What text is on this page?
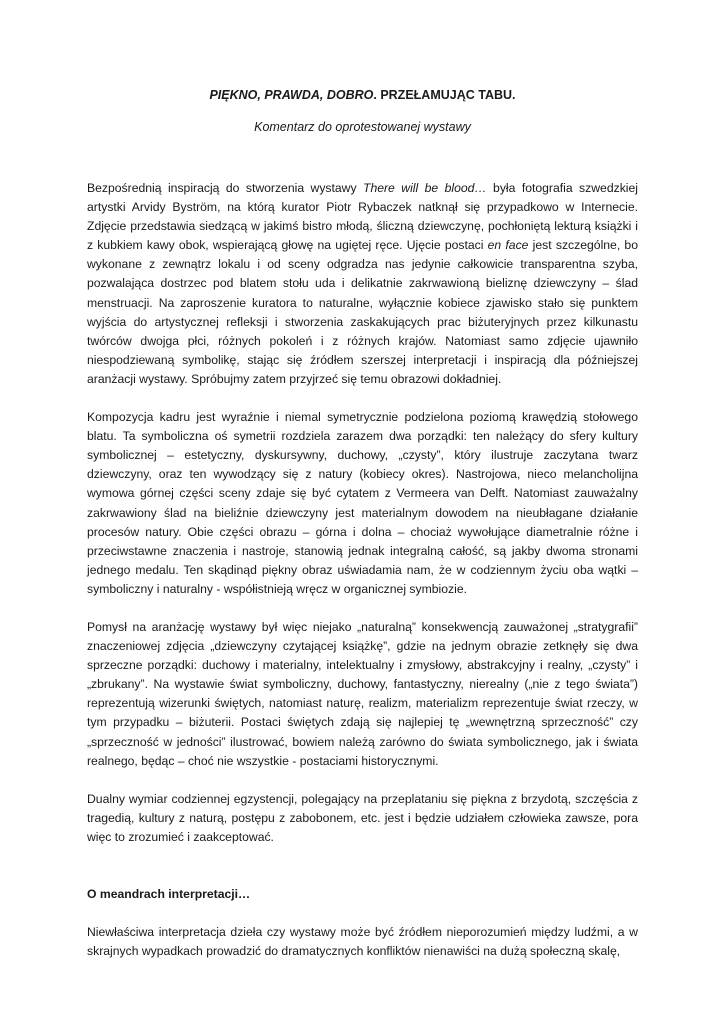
PIĘKNO, PRAWDA, DOBRO. PRZEŁAMUJĄC TABU.
Komentarz do oprotestowanej wystawy

Bezpośrednią inspiracją do stworzenia wystawy There will be blood… była fotografia szwedzkiej artystki Arvidy Byström, na którą kurator Piotr Rybaczek natknął się przypadkowo w Internecie. Zdjęcie przedstawia siedzącą w jakimś bistro młodą, śliczną dziewczynę, pochłoniętą lekturą książki i z kubkiem kawy obok, wspierającą głowę na ugiętej ręce. Ujęcie postaci en face jest szczególne, bo wykonane z zewnątrz lokalu i od sceny odgradza nas jedynie całkowicie transparentna szyba, pozwalająca dostrzec pod blatem stołu uda i delikatnie zakrwawioną bieliznę dziewczyny – ślad menstruacji. Na zaproszenie kuratora to naturalne, wyłącznie kobiece zjawisko stało się punktem wyjścia do artystycznej refleksji i stworzenia zaskakujących prac biżuteryjnych przez kilkunastu twórców dwojga płci, różnych pokoleń i z różnych krajów. Natomiast samo zdjęcie ujawniło niespodziewaną symbolikę, stając się źródłem szerszej interpretacji i inspiracją dla późniejszej aranżacji wystawy. Spróbujmy zatem przyjrzeć się temu obrazowi dokładniej.

Kompozycja kadru jest wyraźnie i niemal symetrycznie podzielona poziomą krawędzią stołowego blatu. Ta symboliczna oś symetrii rozdziela zarazem dwa porządki: ten należący do sfery kultury symbolicznej – estetyczny, dyskursywny, duchowy, „czysty”, który ilustruje zaczytana twarz dziewczyny, oraz ten wywodzący się z natury (kobiecy okres). Nastrojowa, nieco melancholijna wymowa górnej części sceny zdaje się być cytatem z Vermeera van Delft. Natomiast zauważalny zakrwawiony ślad na bieliźnie dziewczyny jest materialnym dowodem na nieubłagane działanie procesów natury. Obie części obrazu – górna i dolna – chociaż wywołujące diametralnie różne i przeciwstawne znaczenia i nastroje, stanowią jednak integralną całość, są jakby dwoma stronami jednego medalu. Ten skądinąd piękny obraz uświadamia nam, że w codziennym życiu oba wątki – symboliczny i naturalny - współistnieją wręcz w organicznej symbiozie.

Pomysł na aranżację wystawy był więc niejako „naturalną” konsekwencją zauważonej „stratygrafii” znaczeniowej zdjęcia „dziewczyny czytającej książkę”, gdzie na jednym obrazie zetknęły się dwa sprzeczne porządki: duchowy i materialny, intelektualny i zmysłowy, abstrakcyjny i realny, „czysty” i „zbrukany”. Na wystawie świat symboliczny, duchowy, fantastyczny, nierealny („nie z tego świata”) reprezentują wizerunki świętych, natomiast naturę, realizm, materializm reprezentuje świat rzeczy, w tym przypadku – biżuterii. Postaci świętych zdają się najlepiej tę „wewnętrzną sprzeczność” czy „sprzeczność w jedności” ilustrować, bowiem należą zarówno do świata symbolicznego, jak i świata realnego, będąc – choć nie wszystkie - postaciami historycznymi.

Dualny wymiar codziennej egzystencji, polegający na przeplataniu się piękna z brzydotą, szczęścia z tragedią, kultury z naturą, postępu z zabobonem, etc. jest i będzie udziałem człowieka zawsze, pora więc to zrozumieć i zaakceptować.

O meandrach interpretacji…

Niewłaściwa interpretacja dzieła czy wystawy może być źródłem nieporozumień między ludźmi, a w skrajnych wypadkach prowadzić do dramatycznych konfliktów nienawiści na dużą społeczną skalę,
